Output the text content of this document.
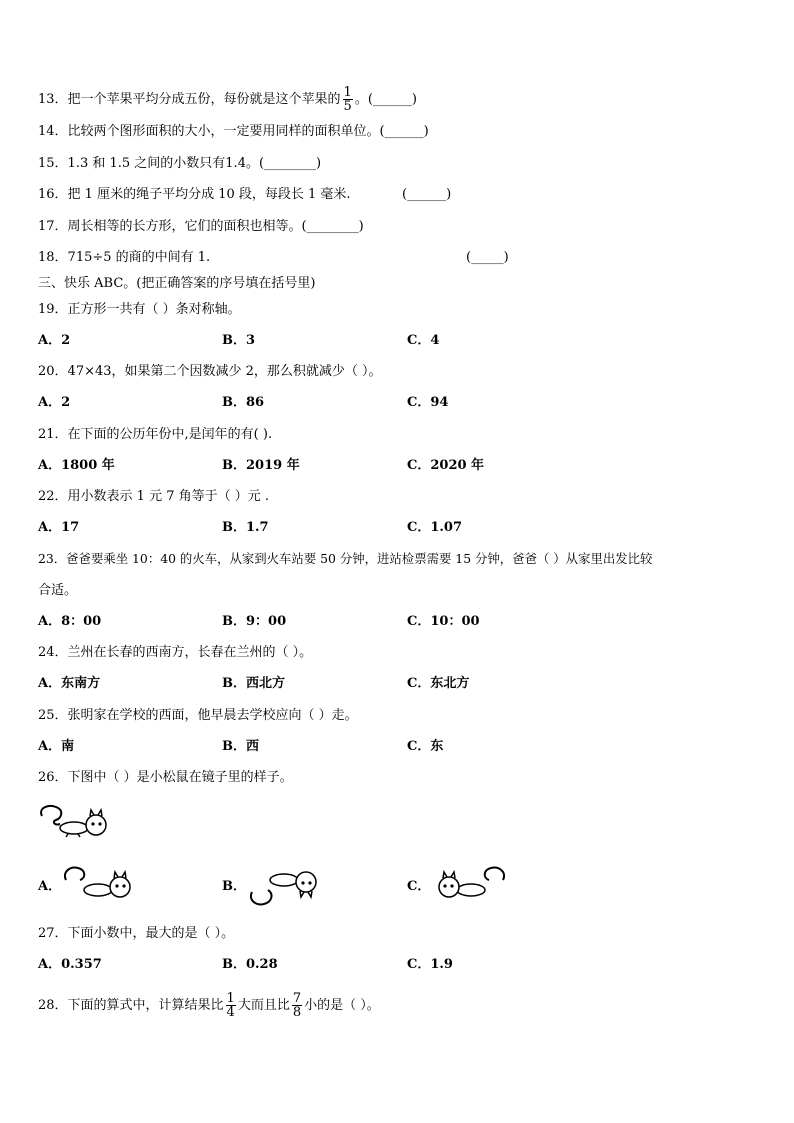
13．把一个苹果平均分成五份，每份就是这个苹果的 $\frac{1}{5}$ 。(______)
14．比较两个图形面积的大小，一定要用同样的面积单位。(______)
15．1.3 和 1.5 之间的小数只有1.4。(________)
16．把 1 厘米的绳子平均分成 10 段，每段长 1 毫米.	(______)
17．周长相等的长方形，它们的面积也相等。(________)
18．715÷5 的商的中间有 1.	(_____)
三、快乐 ABC。(把正确答案的序号填在括号里)
19．正方形一共有（ ）条对称轴。
A．2	B．3	C．4
20．47×43，如果第二个因数减少 2，那么积就减少（ ）。
A．2	B．86	C．94
21．在下面的公历年份中,是闰年的有( ).
A．1800 年	B．2019 年	C．2020 年
22．用小数表示 1 元 7 角等于（ ）元 .
A．17	B．1.7	C．1.07
23．爸爸要乘坐 10：40 的火车，从家到火车站要 50 分钟，进站检票需要 15 分钟，爸爸（ ）从家里出发比较
合适。
A．8：00	B．9：00	C．10：00
24．兰州在长春的西南方，长春在兰州的（ ）。
A．东南方	B．西北方	C．东北方
25．张明家在学校的西面，他早晨去学校应向（ ）走。
A．南	B．西	C．东
26．下图中（ ）是小松鼠在镜子里的样子。
A．	B．	C．
27．下面小数中，最大的是（ ）。
A．0.357	B．0.28	C．1.9
28．下面的算式中，计算结果比 $\frac{1}{4}$ 大而且比 $\frac{7}{8}$ 小的是（ ）。
